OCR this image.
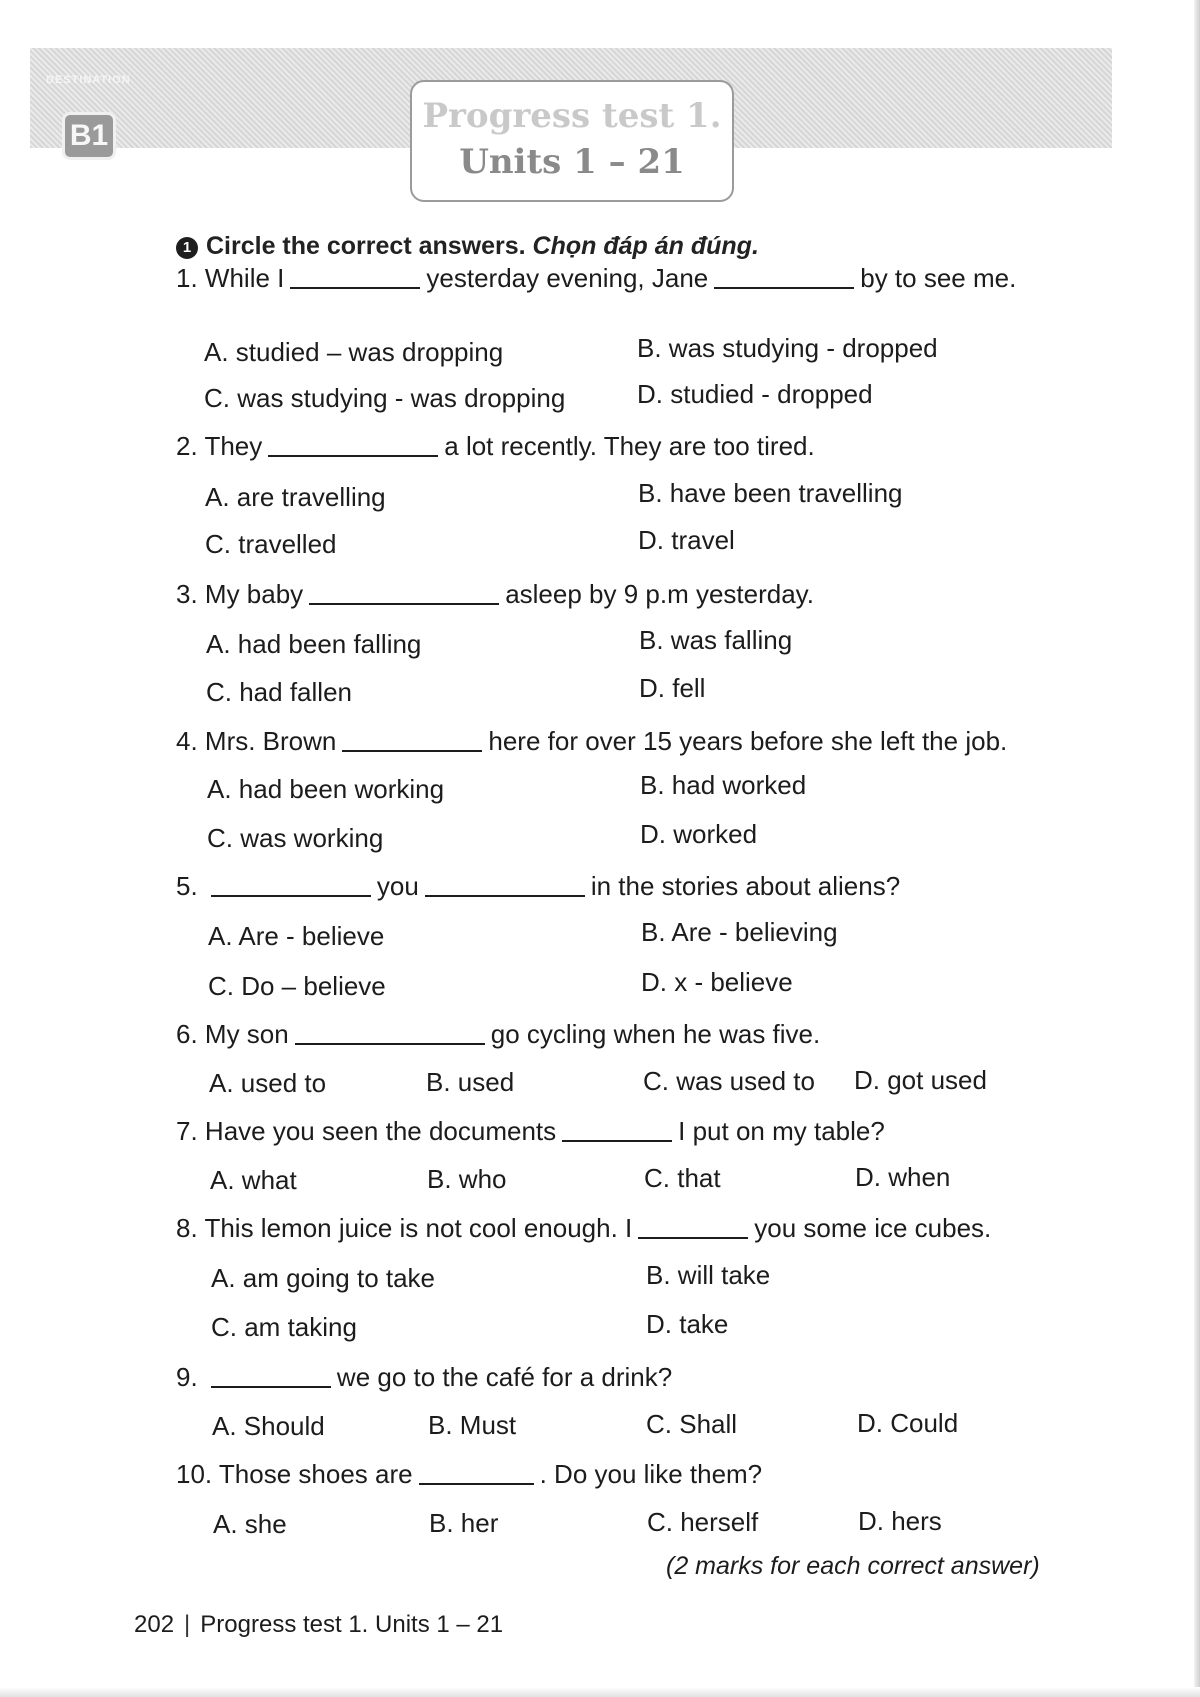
DESTINATION
B1	Progress test 1.
Units 1 – 21
1 Circle the correct answers. Chọn đáp án đúng.
1. While I	yesterday evening, Jane	by to see me.
A. studied – was dropping	B. was studying - dropped
C. was studying - was dropping	D. studied - dropped
2. They	a lot recently. They are too tired.
A. are travelling	B. have been travelling
C. travelled	D. travel
3. My baby	asleep by 9 p.m yesterday.
A. had been falling	B. was falling
C. had fallen	D. fell
4. Mrs. Brown	here for over 15 years before she left the job.
A. had been working	B. had worked
C. was working	D. worked
5.	you	in the stories about aliens?
A. Are - believe	B. Are - believing
C. Do – believe	D. x - believe
6. My son	go cycling when he was five.
A. used to	B. used	C. was used to D. got used
7. Have you seen the documents	I put on my table?
A. what	B. who	C. that	D. when
8. This lemon juice is not cool enough. I	you some ice cubes.
A. am going to take	B. will take
C. am taking	D. take
9.	we go to the café for a drink?
A. Should	B. Must	C. Shall	D. Could
10. Those shoes are	. Do you like them?
A. she	B. her	C. herself	D. hers
(2 marks for each correct answer)
202 | Progress test 1. Units 1 – 21
